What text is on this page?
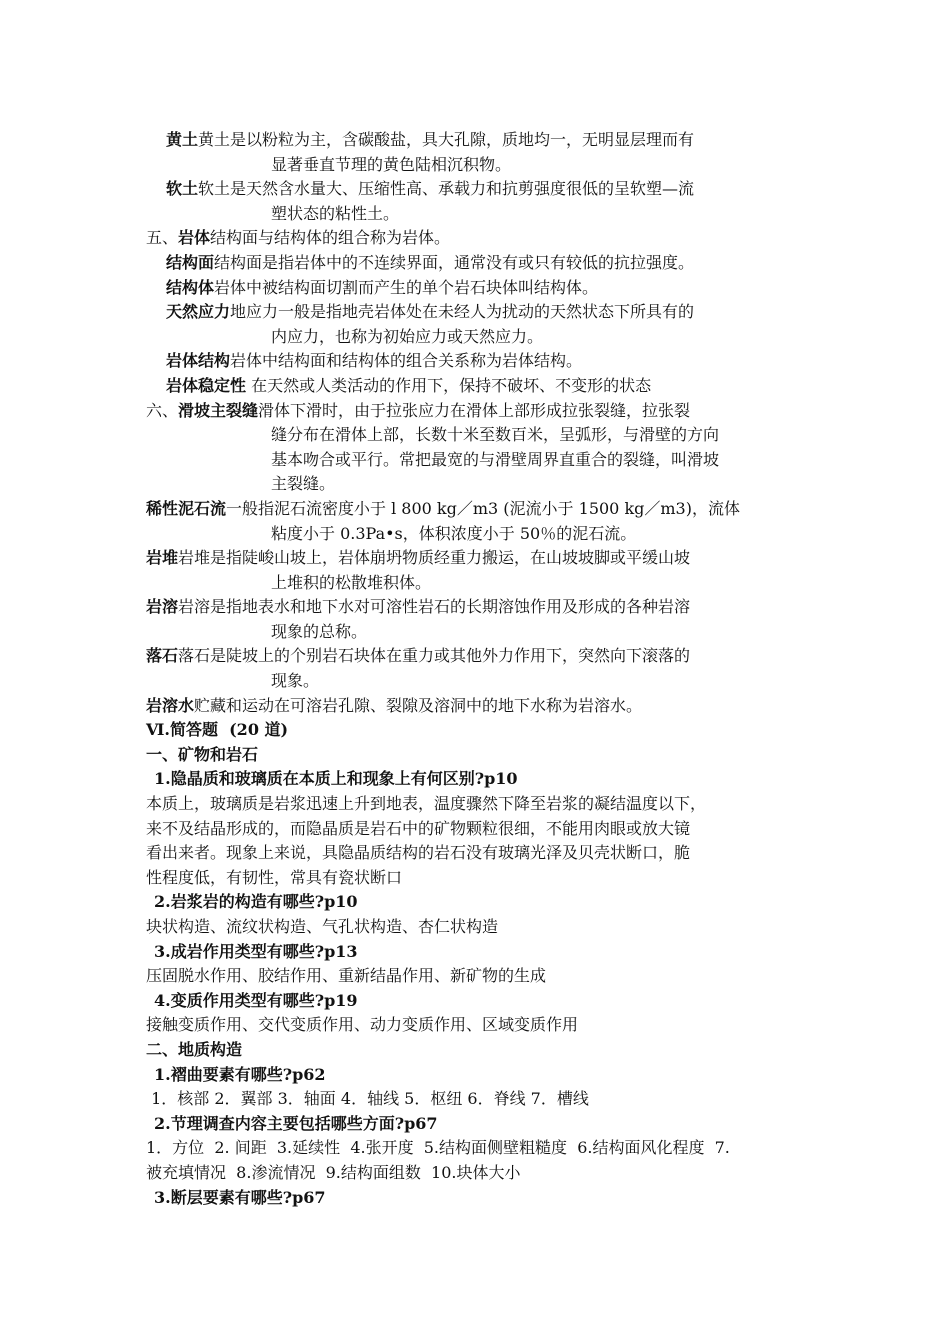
黄土黄土是以粉粒为主，含碳酸盐，具大孔隙，质地均一，无明显层理而有
显著垂直节理的黄色陆相沉积物。
软土软土是天然含水量大、压缩性高、承载力和抗剪强度很低的呈软塑—流
塑状态的粘性土。
五、岩体结构面与结构体的组合称为岩体。
结构面结构面是指岩体中的不连续界面，通常没有或只有较低的抗拉强度。
结构体岩体中被结构面切割而产生的单个岩石块体叫结构体。
天然应力地应力一般是指地壳岩体处在未经人为扰动的天然状态下所具有的
内应力，也称为初始应力或天然应力。
岩体结构岩体中结构面和结构体的组合关系称为岩体结构。
岩体稳定性 在天然或人类活动的作用下，保持不破坏、不变形的状态
六、滑坡主裂缝滑体下滑时，由于拉张应力在滑体上部形成拉张裂缝，拉张裂
缝分布在滑体上部，长数十米至数百米，呈弧形，与滑壁的方向
基本吻合或平行。常把最宽的与滑壁周界直重合的裂缝，叫滑坡
主裂缝。
稀性泥石流一般指泥石流密度小于 l 800 kg／m3 (泥流小于 1500 kg／m3)，流体
粘度小于 0.3Pa•s，体积浓度小于 50％的泥石流。
岩堆岩堆是指陡峻山坡上，岩体崩坍物质经重力搬运，在山坡坡脚或平缓山坡
上堆积的松散堆积体。
岩溶岩溶是指地表水和地下水对可溶性岩石的长期溶蚀作用及形成的各种岩溶
现象的总称。
落石落石是陡坡上的个别岩石块体在重力或其他外力作用下，突然向下滚落的
现象。
岩溶水贮藏和运动在可溶岩孔隙、裂隙及溶洞中的地下水称为岩溶水。
Ⅵ.简答题  (20 道)
一、矿物和岩石
1.隐晶质和玻璃质在本质上和现象上有何区别?p10
本质上，玻璃质是岩浆迅速上升到地表，温度骤然下降至岩浆的凝结温度以下，
来不及结晶形成的，而隐晶质是岩石中的矿物颗粒很细，不能用肉眼或放大镜
看出来者。现象上来说，具隐晶质结构的岩石没有玻璃光泽及贝壳状断口，脆
性程度低，有韧性，常具有瓷状断口
2.岩浆岩的构造有哪些?p10
块状构造、流纹状构造、气孔状构造、杏仁状构造
3.成岩作用类型有哪些?p13
压固脱水作用、胶结作用、重新结晶作用、新矿物的生成
4.变质作用类型有哪些?p19
接触变质作用、交代变质作用、动力变质作用、区域变质作用
二、地质构造
1.褶曲要素有哪些?p62
1．核部 2．翼部 3．轴面 4．轴线 5．枢纽 6．脊线 7．槽线
2.节理调查内容主要包括哪些方面?p67
1．方位  2. 间距  3.延续性  4.张开度  5.结构面侧壁粗糙度  6.结构面风化程度  7.
被充填情况  8.渗流情况  9.结构面组数  10.块体大小
3.断层要素有哪些?p67
